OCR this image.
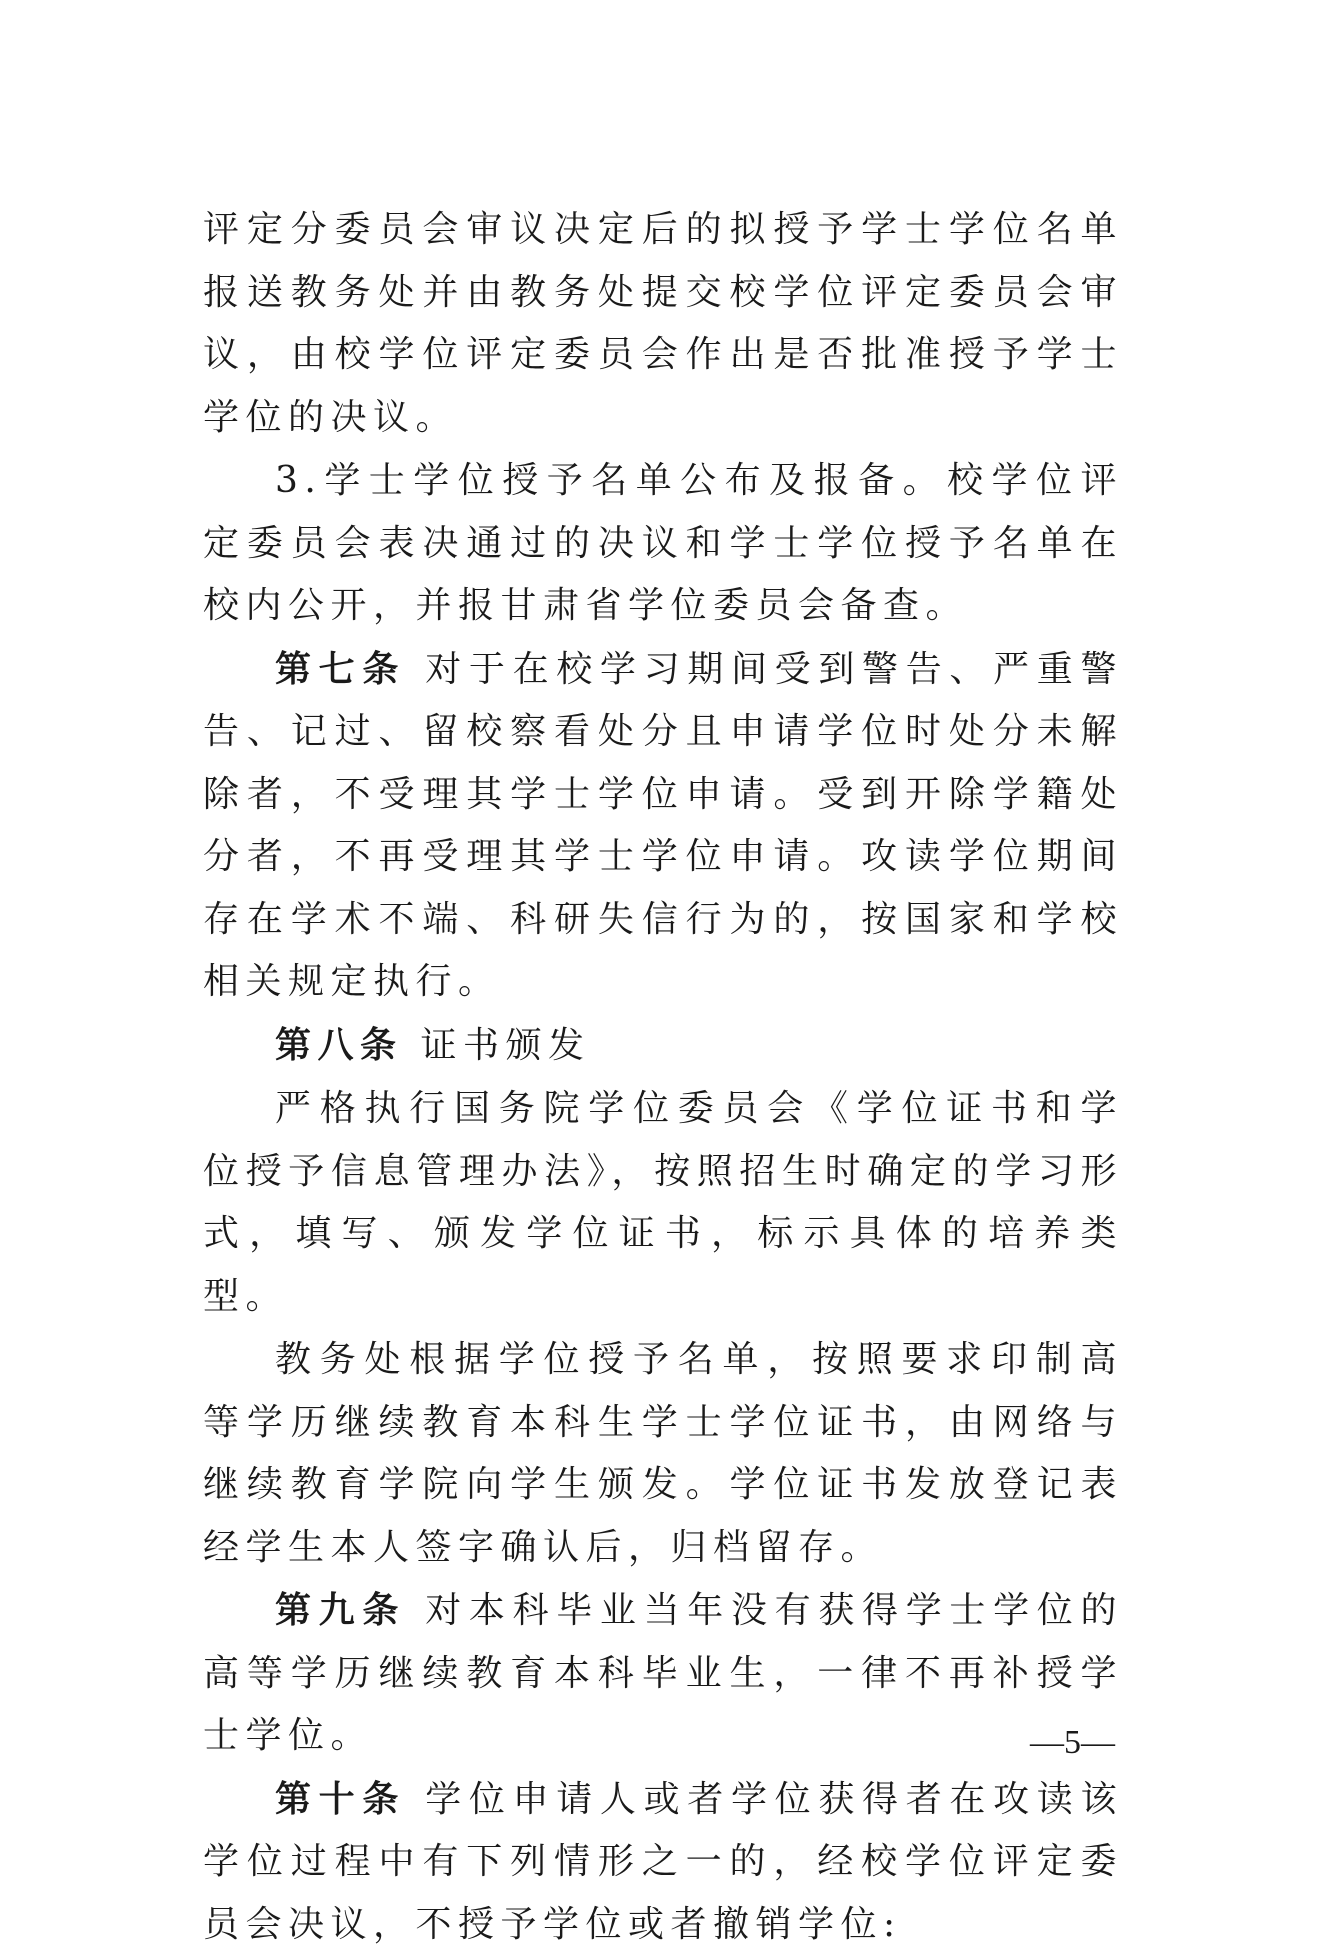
评定分委员会审议决定后的拟授予学士学位名单报送教务处并由教务处提交校学位评定委员会审议，由校学位评定委员会作出是否批准授予学士学位的决议。

3.学士学位授予名单公布及报备。校学位评定委员会表决通过的决议和学士学位授予名单在校内公开，并报甘肃省学位委员会备查。

第七条 对于在校学习期间受到警告、严重警告、记过、留校察看处分且申请学位时处分未解除者，不受理其学士学位申请。受到开除学籍处分者，不再受理其学士学位申请。攻读学位期间存在学术不端、科研失信行为的，按国家和学校相关规定执行。

第八条 证书颁发

严格执行国务院学位委员会《学位证书和学位授予信息管理办法》，按照招生时确定的学习形式，填写、颁发学位证书，标示具体的培养类型。

教务处根据学位授予名单，按照要求印制高等学历继续教育本科生学士学位证书，由网络与继续教育学院向学生颁发。学位证书发放登记表经学生本人签字确认后，归档留存。

第九条 对本科毕业当年没有获得学士学位的高等学历继续教育本科毕业生，一律不再补授学士学位。

第十条 学位申请人或者学位获得者在攻读该学位过程中有下列情形之一的，经校学位评定委员会决议，不授予学位或者撤销学位:

—5—
